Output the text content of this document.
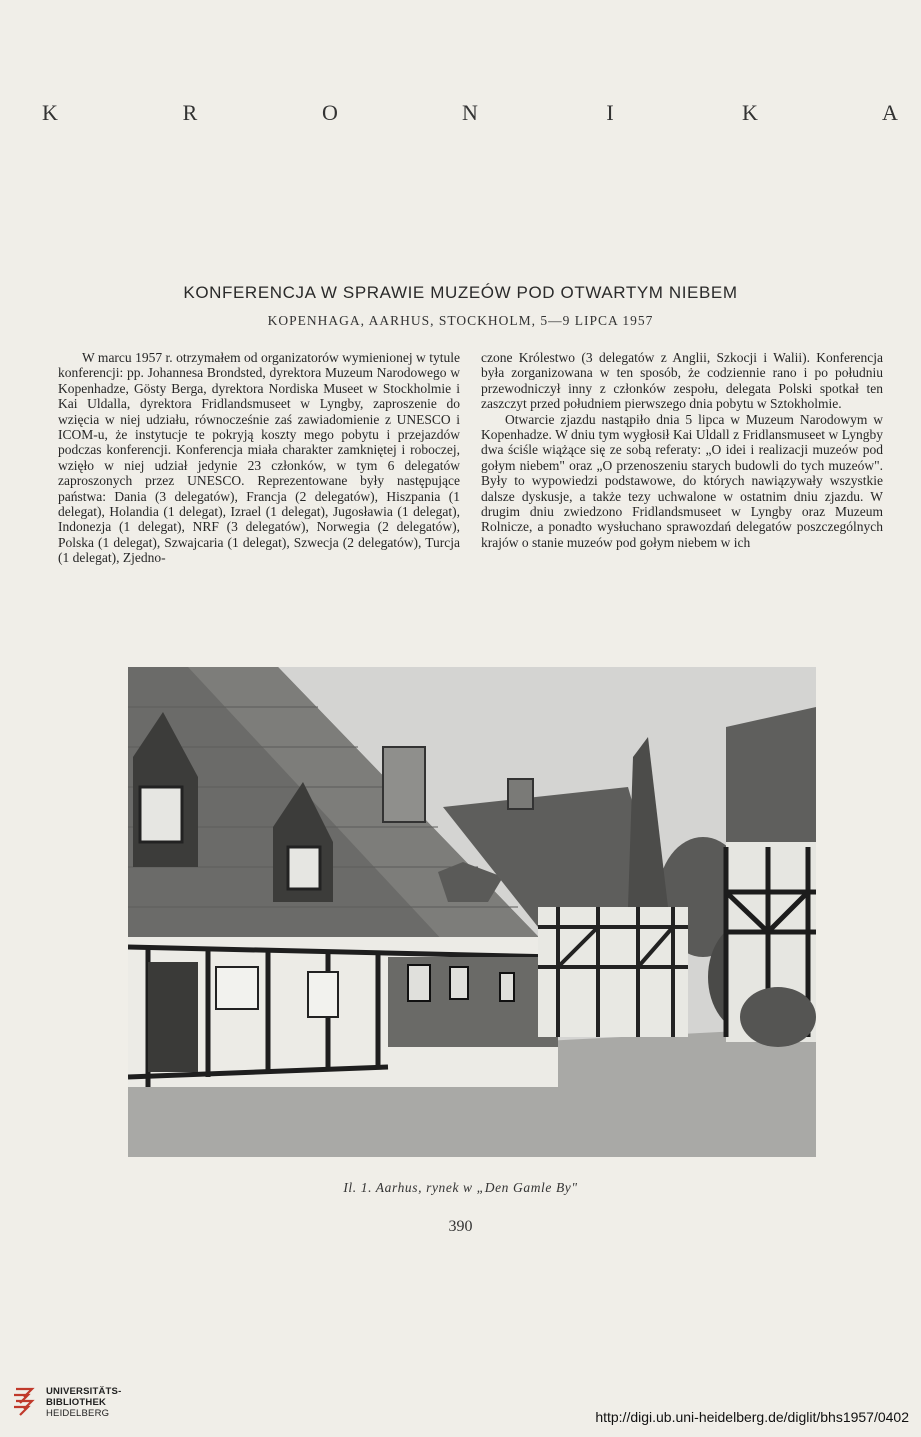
K	R	O	N	I	K	A
KONFERENCJA W SPRAWIE MUZEÓW POD OTWARTYM NIEBEM
KOPENHAGA, AARHUS, STOCKHOLM, 5—9 LIPCA 1957

W marcu 1957 r. otrzymałem od organizatorów wymienionej w tytule konferencji: pp. Johannesa Brondsted, dyrektora Muzeum Narodowego w Kopenhadze, Gösty Berga, dyrektora Nordiska Museet w Stockholmie i Kai Uldalla, dyrektora Fridlandsmuseet w Lyngby, zaproszenie do wzięcia w niej udziału, równocześnie zaś zawiadomienie z UNESCO i ICOM-u, że instytucje te pokryją koszty mego pobytu i przejazdów podczas konferencji. Konferencja miała charakter zamkniętej i roboczej, wzięło w niej udział jedynie 23 członków, w tym 6 delegatów zaproszonych przez UNESCO. Reprezentowane były następujące państwa: Dania (3 delegatów), Francja (2 delegatów), Hiszpania (1 delegat), Holandia (1 delegat), Izrael (1 delegat), Jugosławia (1 delegat), Indonezja (1 delegat), NRF (3 delegatów), Norwegia (2 delegatów), Polska (1 delegat), Szwajcaria (1 delegat), Szwecja (2 delegatów), Turcja (1 delegat), Zjedno-

czone Królestwo (3 delegatów z Anglii, Szkocji i Walii). Konferencja była zorganizowana w ten sposób, że codziennie rano i po południu przewodniczył inny z członków zespołu, delegata Polski spotkał ten zaszczyt przed południem pierwszego dnia pobytu w Sztokholmie.

Otwarcie zjazdu nastąpiło dnia 5 lipca w Muzeum Narodowym w Kopenhadze. W dniu tym wygłosił Kai Uldall z Fridlansmuseet w Lyngby dwa ściśle wiążące się ze sobą referaty: „O idei i realizacji muzeów pod gołym niebem" oraz „O przenoszeniu starych budowli do tych muzeów". Były to wypowiedzi podstawowe, do których nawiązywały wszystkie dalsze dyskusje, a także tezy uchwalone w ostatnim dniu zjazdu. W drugim dniu zwiedzono Fridlandsmuseet w Lyngby oraz Muzeum Rolnicze, a ponadto wysłuchano sprawozdań delegatów poszczególnych krajów o stanie muzeów pod gołym niebem w ich

Il. 1. Aarhus, rynek w „Den Gamle By"
390
UNIVERSITÄTS-
BIBLIOTHEK
HEIDELBERG	http://digi.ub.uni-heidelberg.de/diglit/bhs1957/0402
